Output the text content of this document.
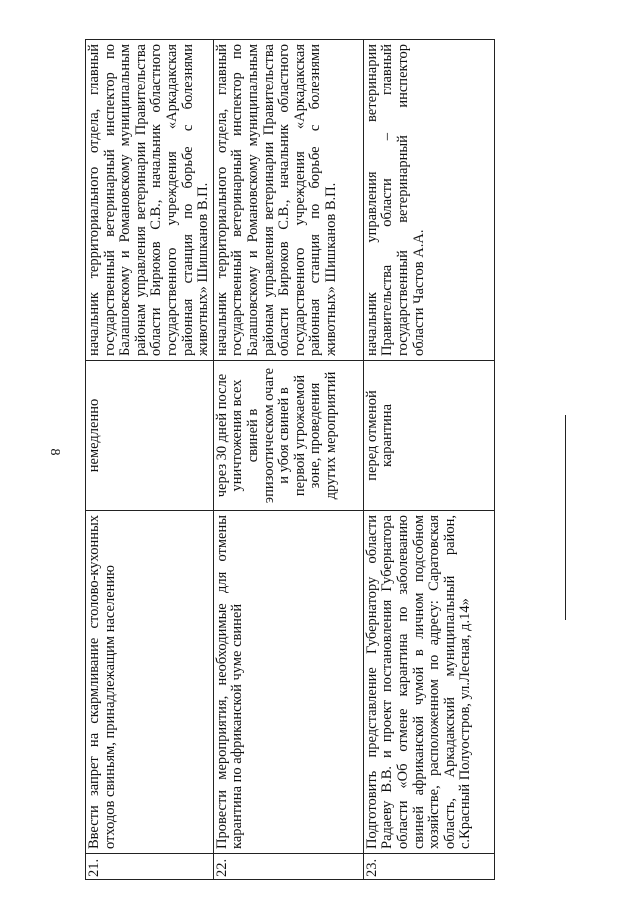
8
21.	Ввести запрет на скармливание столово-кухонных отходов свиньям, принадлежащим населению	немедленно	начальник территориального отдела, главный государственный ветеринарный инспектор по Балашовскому и Романовскому муниципальным районам управления ветеринарии Правительства области Бирюков С.В., начальник областного государственного учреждения «Аркадакская районная станция по борьбе с болезнями животных» Шишканов В.П.
22.	Провести мероприятия, необходимые для отмены карантина по африканской чуме свиней	через 30 дней после уничтожения всех свиней в эпизоотическом очаге и убоя свиней в первой угрожаемой зоне, проведения других мероприятий	начальник территориального отдела, главный государственный ветеринарный инспектор по Балашовскому и Романовскому муниципальным районам управления ветеринарии Правительства области Бирюков С.В., начальник областного государственного учреждения «Аркадакская районная станция по борьбе с болезнями животных» Шишканов В.П.
23.	Подготовить представление Губернатору области Радаеву В.В. и проект постановления Губернатора области «Об отмене карантина по заболеванию свиней африканской чумой в личном подсобном хозяйстве, расположенном по адресу: Саратовская область, Аркадакский муниципальный район, с.Красный Полуостров, ул.Лесная, д.14»	перед отменой карантина	начальник управления ветеринарии Правительства области – главный государственный ветеринарный инспектор области Частов А.А.
